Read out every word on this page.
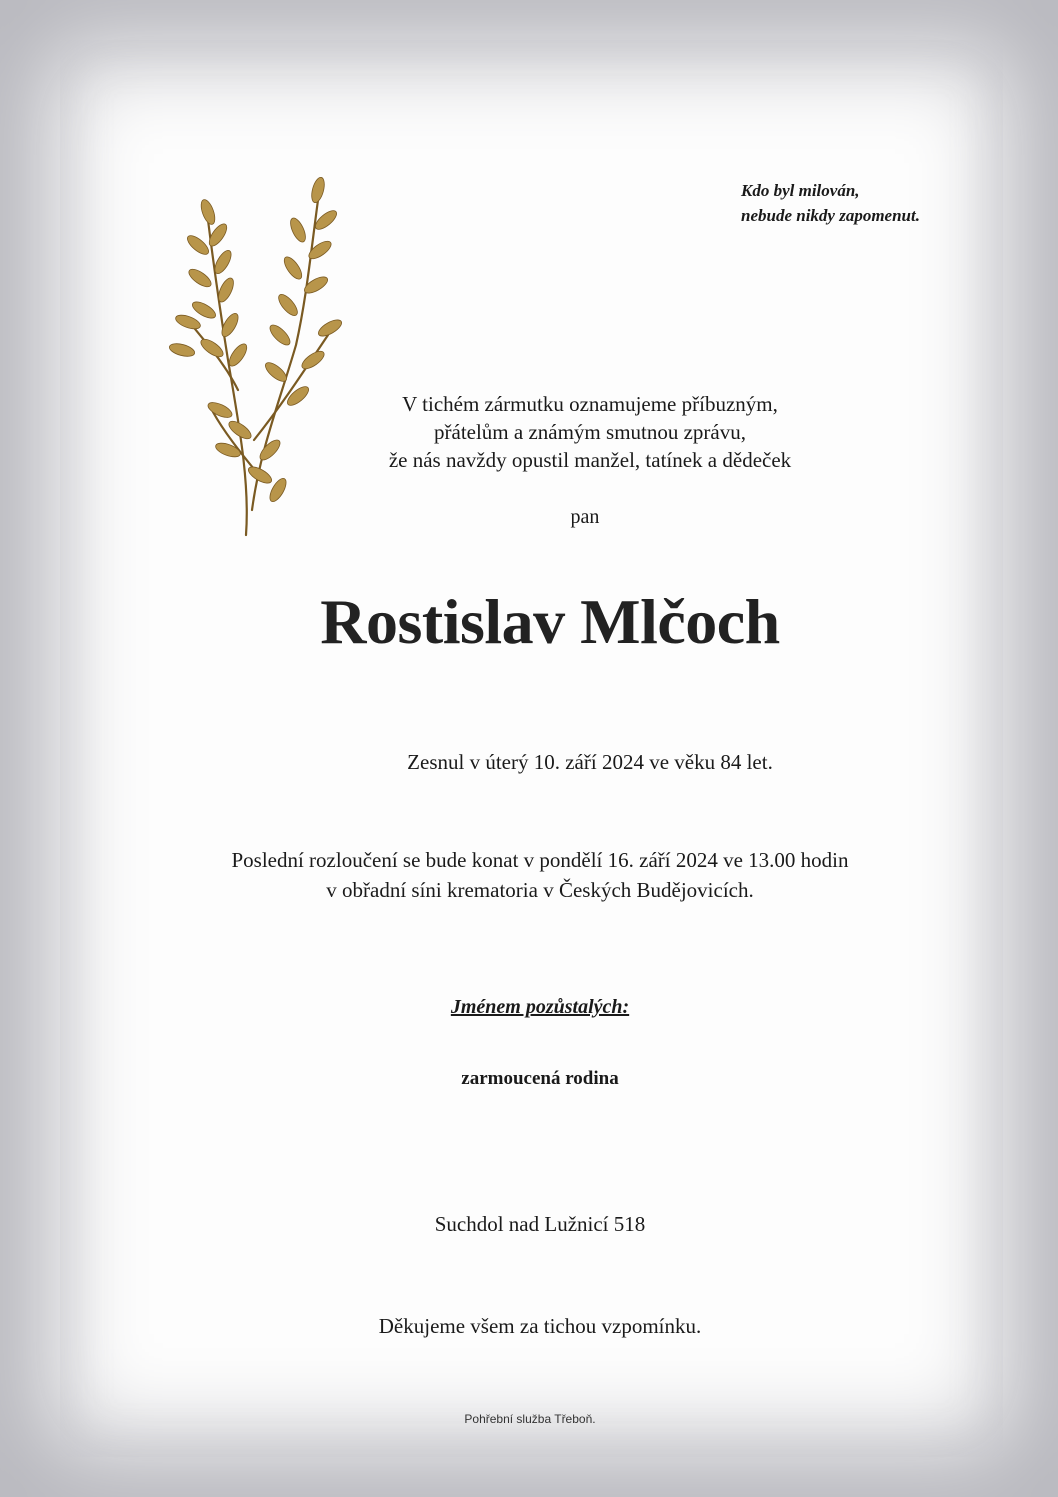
Kdo byl milován,
nebude nikdy zapomenut.
V tichém zármutku oznamujeme příbuzným,
přátelům a známým smutnou zprávu,
že nás navždy opustil manžel, tatínek a dědeček
pan
Rostislav Mlčoch
Zesnul v úterý 10. září 2024 ve věku 84 let.
Poslední rozloučení se bude konat v pondělí 16. září 2024 ve 13.00 hodin
v obřadní síni krematoria v Českých Budějovicích.
Jménem pozůstalých:
zarmoucená rodina
Suchdol nad Lužnicí 518
Děkujeme všem za tichou vzpomínku.
Pohřební služba Třeboň.
